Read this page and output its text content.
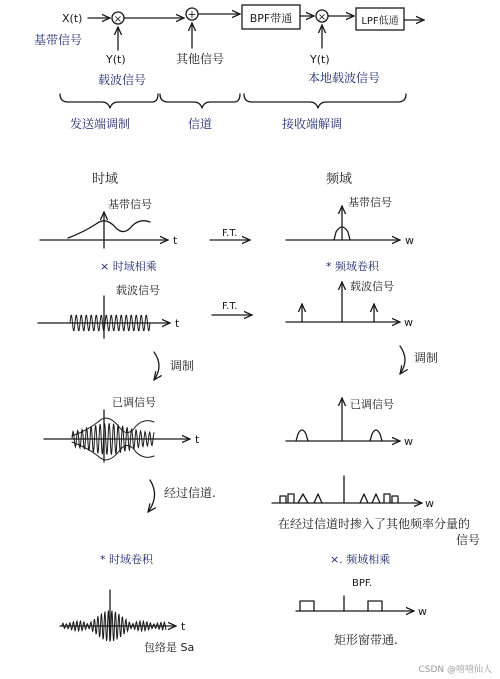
X(t)
基带信号
×
Y(t)
载波信号
+
其他信号
BPF带通	×
Y(t)
本地载波信号
LPF低通
发送端调制	信道	接收端解调
时域	频域
t
基带信号
F.T.
w
基带信号
× 时域相乘	* 频域卷积
载波信号
t
F.T.
w
载波信号
调制
调制
已调信号
t	w
已调信号
经过信道.
w
在经过信道时掺入了其他频率分量的
信号
* 时域卷积	×. 频域相乘
t
包络是 Sa
w
BPF.
矩形窗带通.
CSDN @嘻嘻仙人
